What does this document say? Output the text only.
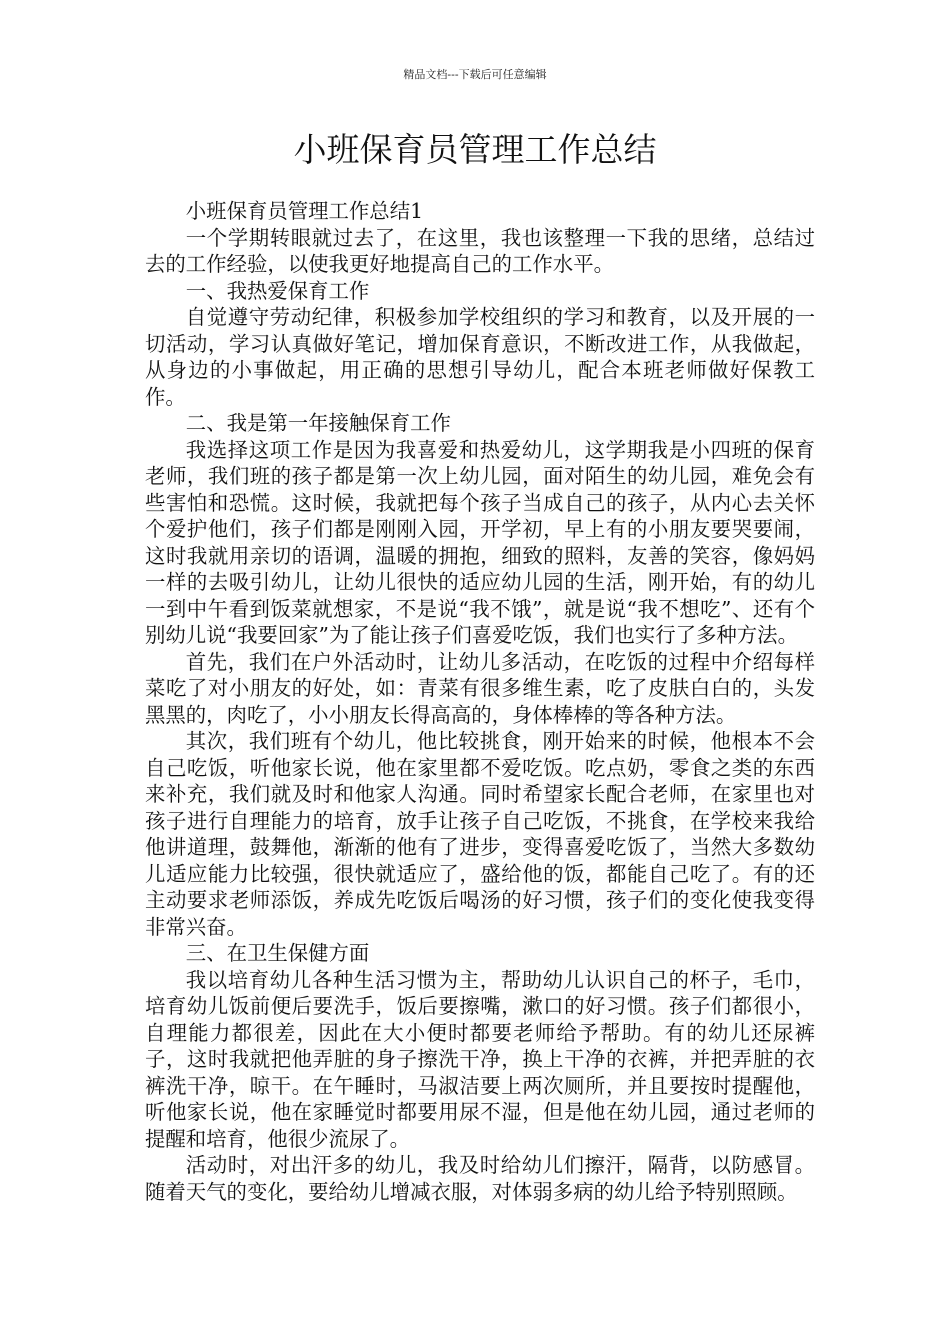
精品文档---下载后可任意编辑
小班保育员管理工作总结

小班保育员管理工作总结1

一个学期转眼就过去了，在这里，我也该整理一下我的思绪，总结过去的工作经验，以使我更好地提高自己的工作水平。

一、我热爱保育工作

自觉遵守劳动纪律，积极参加学校组织的学习和教育，以及开展的一切活动，学习认真做好笔记，增加保育意识，不断改进工作，从我做起，从身边的小事做起，用正确的思想引导幼儿，配合本班老师做好保教工作。

二、我是第一年接触保育工作

我选择这项工作是因为我喜爱和热爱幼儿，这学期我是小四班的保育老师，我们班的孩子都是第一次上幼儿园，面对陌生的幼儿园，难免会有些害怕和恐慌。这时候，我就把每个孩子当成自己的孩子，从内心去关怀个爱护他们，孩子们都是刚刚入园，开学初，早上有的小朋友要哭要闹，这时我就用亲切的语调，温暖的拥抱，细致的照料，友善的笑容，像妈妈一样的去吸引幼儿，让幼儿很快的适应幼儿园的生活，刚开始，有的幼儿一到中午看到饭菜就想家，不是说“我不饿”，就是说“我不想吃”、还有个别幼儿说“我要回家”为了能让孩子们喜爱吃饭，我们也实行了多种方法。

首先，我们在户外活动时，让幼儿多活动，在吃饭的过程中介绍每样菜吃了对小朋友的好处，如：青菜有很多维生素，吃了皮肤白白的，头发黑黑的，肉吃了，小小朋友长得高高的，身体棒棒的等各种方法。

其次，我们班有个幼儿，他比较挑食，刚开始来的时候，他根本不会自己吃饭，听他家长说，他在家里都不爱吃饭。吃点奶，零食之类的东西来补充，我们就及时和他家人沟通。同时希望家长配合老师，在家里也对孩子进行自理能力的培育，放手让孩子自己吃饭，不挑食，在学校来我给他讲道理，鼓舞他，渐渐的他有了进步，变得喜爱吃饭了，当然大多数幼儿适应能力比较强，很快就适应了，盛给他的饭，都能自己吃了。有的还主动要求老师添饭，养成先吃饭后喝汤的好习惯，孩子们的变化使我变得非常兴奋。

三、在卫生保健方面

我以培育幼儿各种生活习惯为主，帮助幼儿认识自己的杯子，毛巾，培育幼儿饭前便后要洗手，饭后要擦嘴，漱口的好习惯。孩子们都很小，自理能力都很差，因此在大小便时都要老师给予帮助。有的幼儿还尿裤子，这时我就把他弄脏的身子擦洗干净，换上干净的衣裤，并把弄脏的衣裤洗干净，晾干。在午睡时，马淑洁要上两次厕所，并且要按时提醒他，听他家长说，他在家睡觉时都要用尿不湿，但是他在幼儿园，通过老师的提醒和培育，他很少流尿了。

活动时，对出汗多的幼儿，我及时给幼儿们擦汗，隔背，以防感冒。随着天气的变化，要给幼儿增减衣服，对体弱多病的幼儿给予特别照顾。
